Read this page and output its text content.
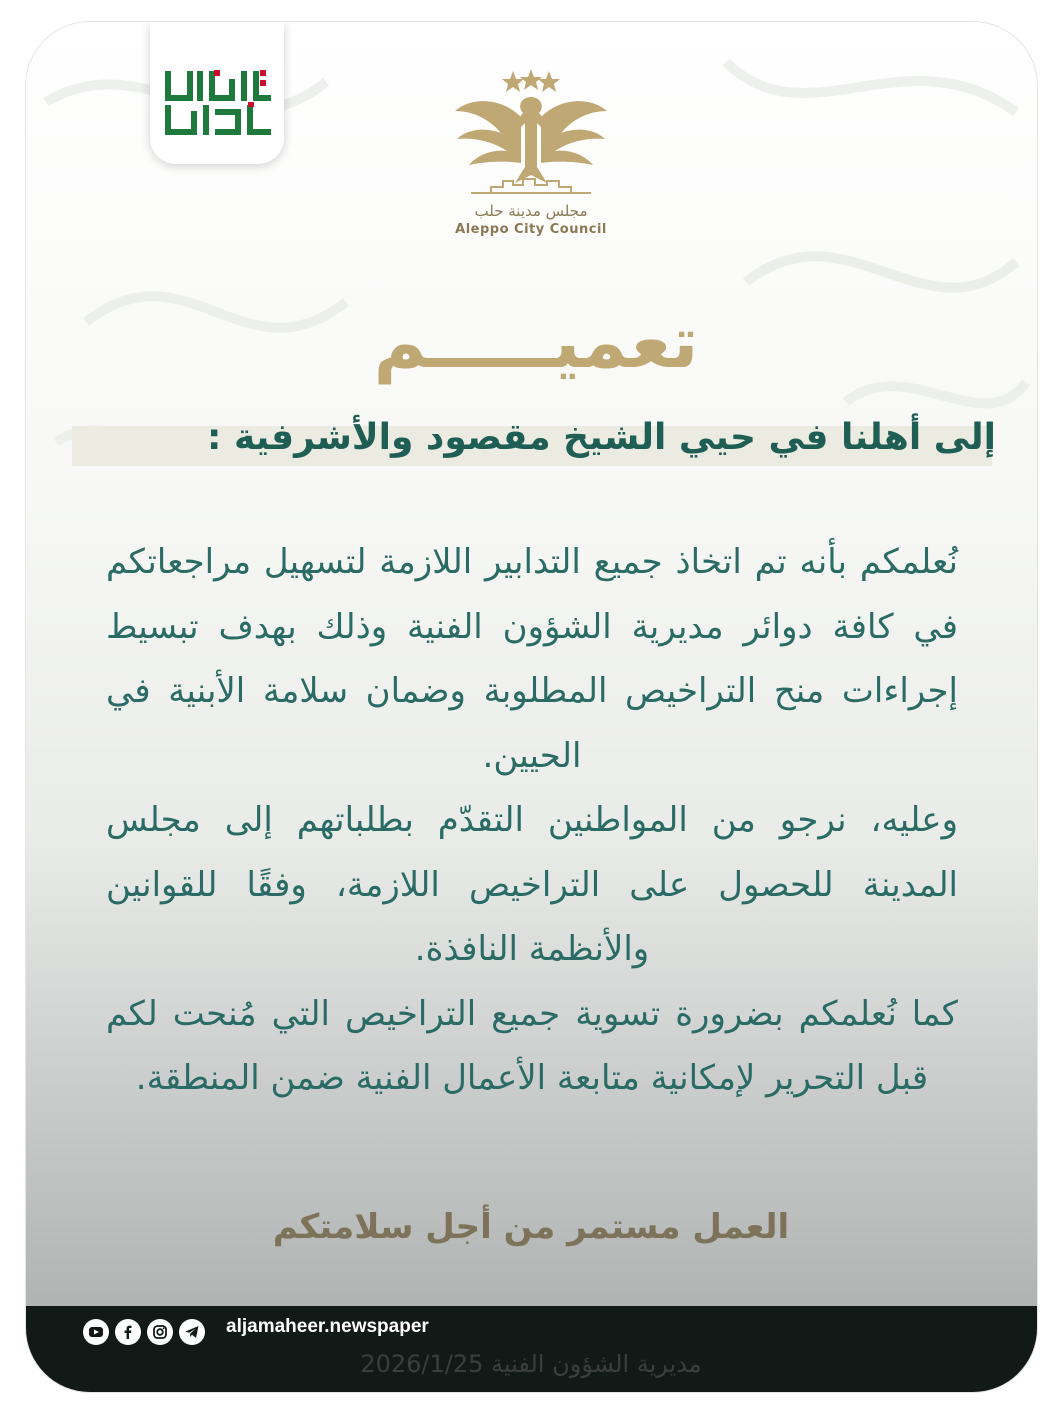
مجلس مدينة حلب
Aleppo City Council
تعميـــــم
إلى أهلنا في حيي الشيخ مقصود والأشرفية :

نُعلمكم بأنه تم اتخاذ جميع التدابير اللازمة لتسهيل مراجعاتكم في كافة دوائر مديرية الشؤون الفنية وذلك بهدف تبسيط إجراءات منح التراخيص المطلوبة وضمان سلامة الأبنية في الحيين.

وعليه، نرجو من المواطنين التقدّم بطلباتهم إلى مجلس المدينة للحصول على التراخيص اللازمة، وفقًا للقوانين والأنظمة النافذة.

كما نُعلمكم بضرورة تسوية جميع التراخيص التي مُنحت لكم قبل التحرير لإمكانية متابعة الأعمال الفنية ضمن المنطقة.

العمل مستمر من أجل سلامتكم
aljamaheer.newspaper
مديرية الشؤون الفنية 2026/1/25
